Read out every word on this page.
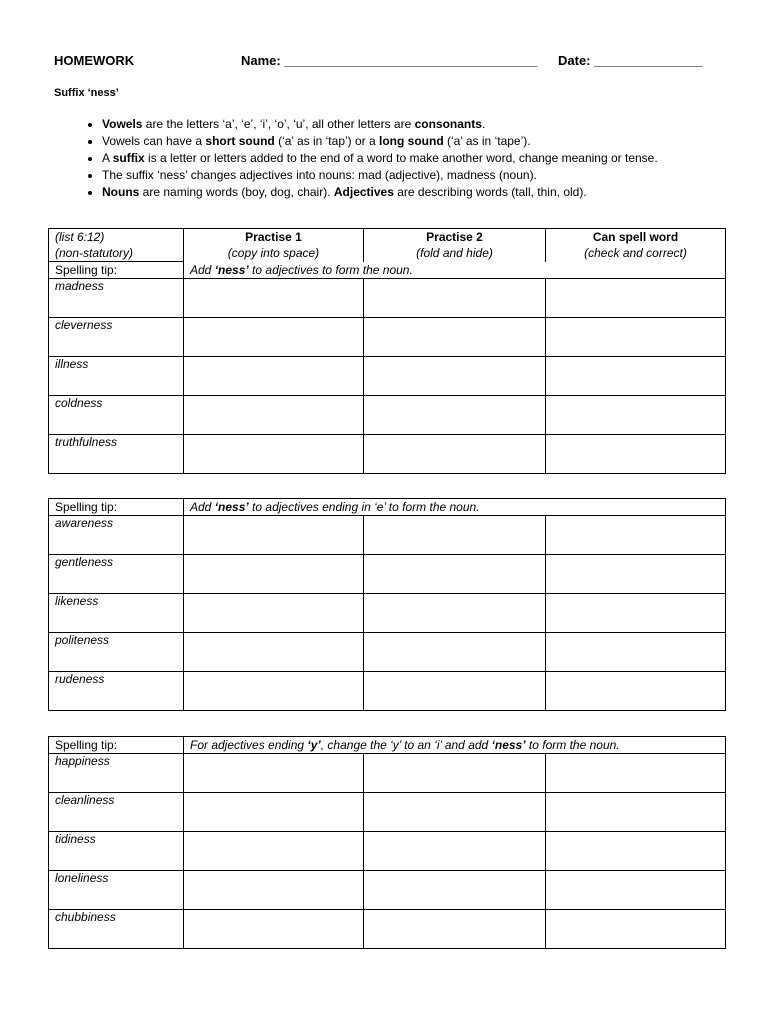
HOMEWORK	Name: ___________________________________ Date: _______________
Suffix ‘ness’
• Vowels are the letters ‘a’, ‘e’, ‘i’, ‘o’, ‘u’, all other letters are consonants.
• Vowels can have a short sound (‘a’ as in ‘tap’) or a long sound (‘a’ as in ‘tape’).
• A suffix is a letter or letters added to the end of a word to make another word, change meaning or tense.
• The suffix ‘ness’ changes adjectives into nouns: mad (adjective), madness (noun).
• Nouns are naming words (boy, dog, chair). Adjectives are describing words (tall, thin, old).
(list 6:12)	Practise 1	Practise 2	Can spell word
(non-statutory)	(copy into space)	(fold and hide)	(check and correct)
Spelling tip:	Add ‘ness’ to adjectives to form the noun.		
madness			
cleverness			
illness			
coldness			
truthfulness			
Spelling tip:	Add ‘ness’ to adjectives ending in ‘e’ to form the noun.		
awareness			
gentleness			
likeness			
politeness			
rudeness			
Spelling tip:	For adjectives ending ‘y’, change the ‘y’ to an ‘i’ and add ‘ness’ to form the noun.		
happiness			
cleanliness			
tidiness			
loneliness			
chubbiness			
